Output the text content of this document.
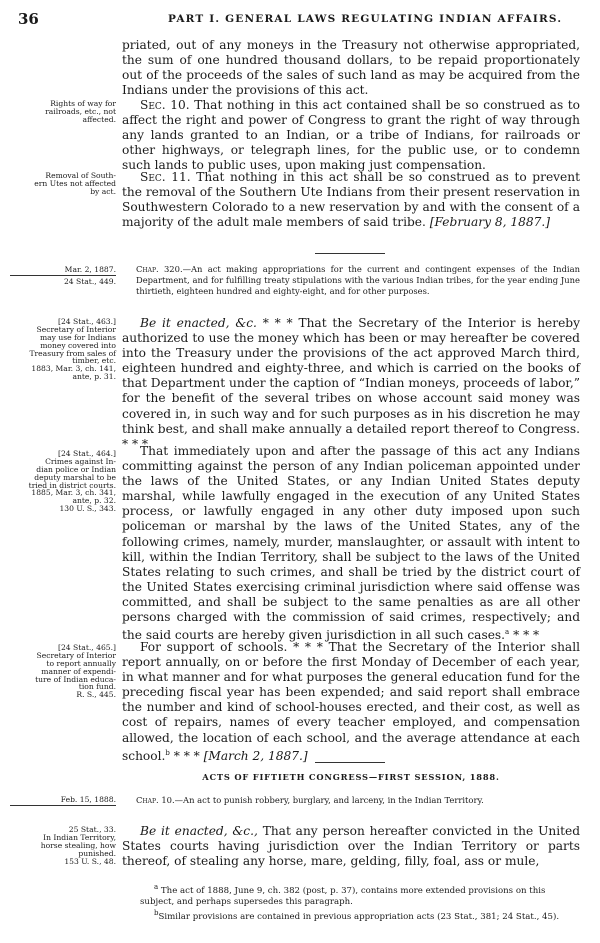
36	PART I. GENERAL LAWS REGULATING INDIAN AFFAIRS.

priated, out of any moneys in the Treasury not otherwise appropriated, the sum of one hundred thousand dollars, to be repaid proportionately out of the proceeds of the sales of such land as may be acquired from the Indians under the provisions of this act.

Rights of way for
railroads, etc., not
affected.

Sec. 10. That nothing in this act contained shall be so construed as to affect the right and power of Congress to grant the right of way through any lands granted to an Indian, or a tribe of Indians, for railroads or other highways, or telegraph lines, for the public use, or to condemn such lands to public uses, upon making just compensation.

Removal of South-
ern Utes not affected
by act.

Sec. 11. That nothing in this act shall be so construed as to prevent the removal of the Southern Ute Indians from their present reservation in Southwestern Colorado to a new reservation by and with the consent of a majority of the adult male members of said tribe. [February 8, 1887.]

Mar. 2, 1887.
24 Stat., 449.

Chap. 320.—An act making appropriations for the current and contingent expenses of the Indian Department, and for fulfilling treaty stipulations with the various Indian tribes, for the year ending June thirtieth, eighteen hundred and eighty-eight, and for other purposes.

[24 Stat., 463.]
Secretary of Interior
may use for Indians
money covered into
Treasury from sales of
timber, etc.
1883, Mar. 3, ch. 141,
ante, p. 31.

Be it enacted, &c. * * * That the Secretary of the Interior is hereby authorized to use the money which has been or may hereafter be covered into the Treasury under the provisions of the act approved March third, eighteen hundred and eighty-three, and which is carried on the books of that Department under the caption of “Indian moneys, proceeds of labor,” for the benefit of the several tribes on whose account said money was covered in, in such way and for such purposes as in his discretion he may think best, and shall make annually a detailed report thereof to Congress. * * *

[24 Stat., 464.]
Crimes against In-
dian police or Indian
deputy marshal to be
tried in district courts.
1885, Mar. 3, ch. 341,
ante, p. 32.
130 U. S., 343.

That immediately upon and after the passage of this act any Indians committing against the person of any Indian policeman appointed under the laws of the United States, or any Indian United States deputy marshal, while lawfully engaged in the execution of any United States process, or lawfully engaged in any other duty imposed upon such policeman or marshal by the laws of the United States, any of the following crimes, namely, murder, manslaughter, or assault with intent to kill, within the Indian Territory, shall be subject to the laws of the United States relating to such crimes, and shall be tried by the district court of the United States exercising criminal jurisdiction where said offense was committed, and shall be subject to the same penalties as are all other persons charged with the commission of said crimes, respectively; and the said courts are hereby given jurisdiction in all such cases.$^a$ * * *

[24 Stat., 465.]
Secretary of Interior
to report annually
manner of expendi-
ture of Indian educa-
tion fund.
R. S., 445.

For support of schools. * * * That the Secretary of the Interior shall report annually, on or before the first Monday of December of each year, in what manner and for what purposes the general education fund for the preceding fiscal year has been expended; and said report shall embrace the number and kind of school-houses erected, and their cost, as well as cost of repairs, names of every teacher employed, and compensation allowed, the location of each school, and the average attendance at each school.$^b$ * * * [March 2, 1887.]

ACTS OF FIFTIETH CONGRESS—FIRST SESSION, 1888.
Feb. 15, 1888.	Chap. 10.—An act to punish robbery, burglary, and larceny, in the Indian Territory.

25 Stat., 33.
In Indian Territory,
horse stealing, how
punished.
153 U. S., 48.

Be it enacted, &c., That any person hereafter convicted in the United States courts having jurisdiction over the Indian Territory or parts thereof, of stealing any horse, mare, gelding, filly, foal, ass or mule,

$^a$ The act of 1888, June 9, ch. 382 (post, p. 37), contains more extended provisions on this subject, and perhaps supersedes this paragraph.

$^b$Similar provisions are contained in previous appropriation acts (23 Stat., 381; 24 Stat., 45).
